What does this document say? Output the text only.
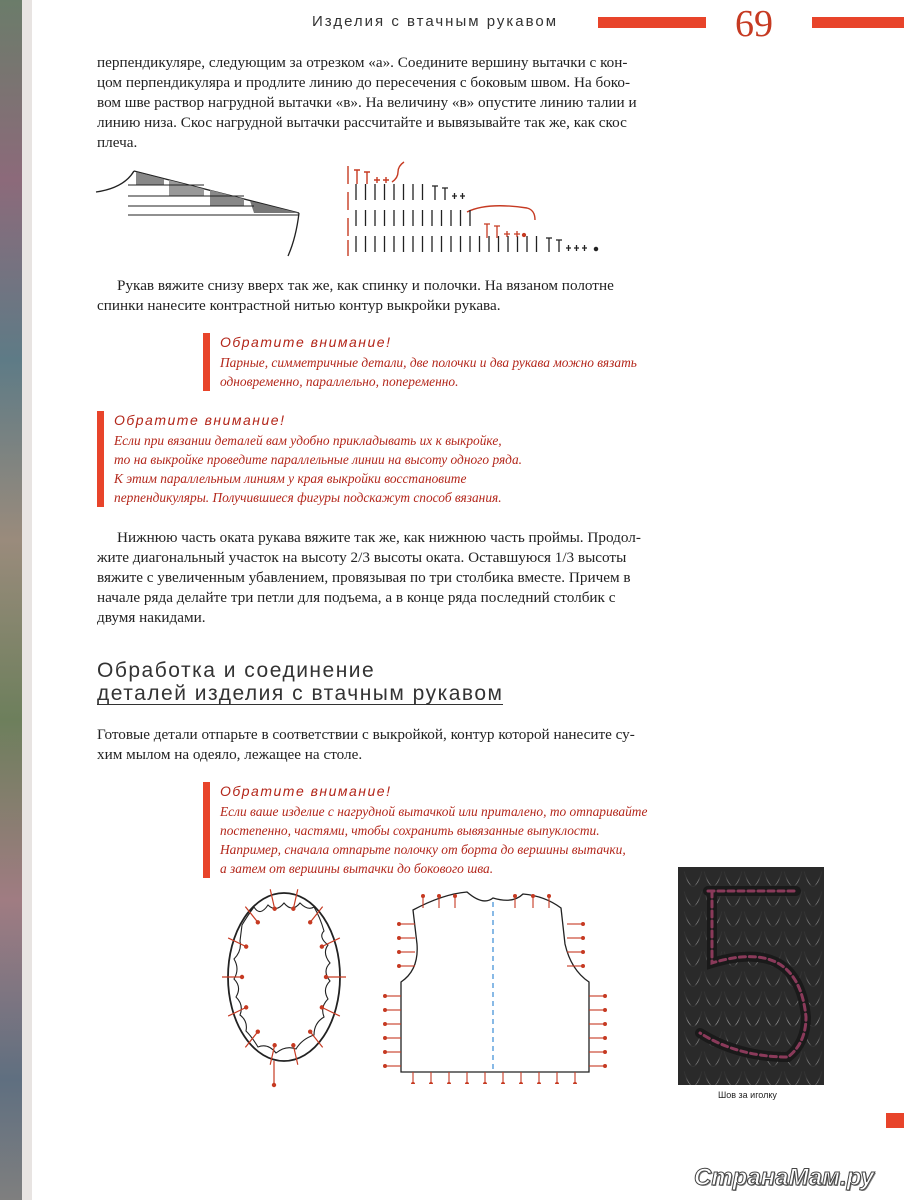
Изделия с втачным рукавом	69

перпендикуляре, следующим за отрезком «а». Соедините вершину вытачки с кон-

цом перпендикуляра и продлите линию до пересечения с боковым швом. На боко-

вом шве раствор нагрудной вытачки «в». На величину «в» опустите линию талии и

линию низа. Скос нагрудной вытачки рассчитайте и вывязывайте так же, как скос

плеча.

Рукав вяжите снизу вверх так же, как спинку и полочки. На вязаном полотне

спинки нанесите контрастной нитью контур выкройки рукава.

Обратите внимание!
Парные, симметричные детали, две полочки и два рукава можно вязать
одновременно, параллельно, попеременно.
Обратите внимание!
Если при вязании деталей вам удобно прикладывать их к выкройке,
то на выкройке проведите параллельные линии на высоту одного ряда.
К этим параллельным линиям у края выкройки восстановите
перпендикуляры. Получившиеся фигуры подскажут способ вязания.

Нижнюю часть оката рукава вяжите так же, как нижнюю часть проймы. Продол-

жите диагональный участок на высоту 2/3 высоты оката. Оставшуюся 1/3 высоты

вяжите с увеличенным убавлением, провязывая по три столбика вместе. Причем в

начале ряда делайте три петли для подъема, а в конце ряда последний столбик с

двумя накидами.

Обработка и соединение
деталей изделия с втачным рукавом

Готовые детали отпарьте в соответствии с выкройкой, контур которой нанесите су-

хим мылом на одеяло, лежащее на столе.

Обратите внимание!
Если ваше изделие с нагрудной вытачкой или приталено, то отпаривайте
постепенно, частями, чтобы сохранить вывязанные выпуклости.
Например, сначала отпарьте полочку от борта до вершины вытачки,
а затем от вершины вытачки до бокового шва.
Шов за иголку
СтранаМам.ру
